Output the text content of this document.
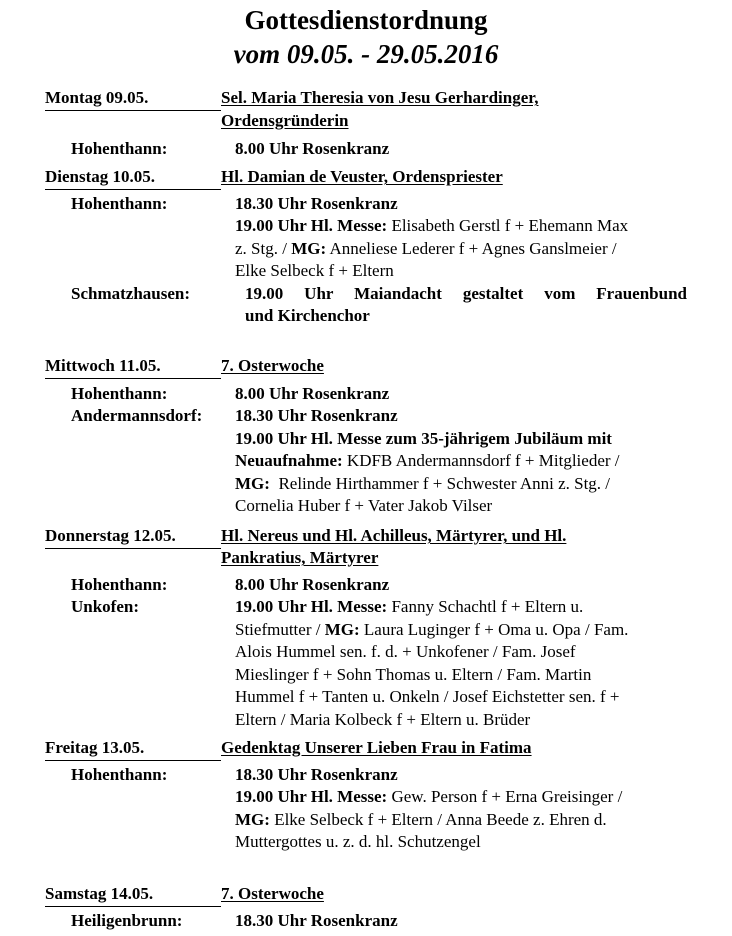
Gottesdienstordnung
vom 09.05. - 29.05.2016
Montag 09.05.	Sel. Maria Theresia von Jesu Gerhardinger,
Ordensgründerin
Hohenthann:	8.00 Uhr Rosenkranz
Dienstag 10.05.	Hl. Damian de Veuster, Ordenspriester
Hohenthann:	18.30 Uhr Rosenkranz
19.00 Uhr Hl. Messe: Elisabeth Gerstl f + Ehemann Max
z. Stg. / MG: Anneliese Lederer f + Agnes Ganslmeier /
Elke Selbeck f + Eltern
Schmatzhausen:	19.00 Uhr Maiandacht gestaltet vom Frauenbund
und Kirchenchor
Mittwoch 11.05.	7. Osterwoche
Hohenthann:	8.00 Uhr Rosenkranz
Andermannsdorf: 18.30 Uhr Rosenkranz
19.00 Uhr Hl. Messe zum 35-jährigem Jubiläum mit
Neuaufnahme: KDFB Andermannsdorf f + Mitglieder /
MG:  Relinde Hirthammer f + Schwester Anni z. Stg. /
Cornelia Huber f + Vater Jakob Vilser
Donnerstag 12.05.	Hl. Nereus und Hl. Achilleus, Märtyrer, und Hl.
Pankratius, Märtyrer
Hohenthann:	8.00 Uhr Rosenkranz
Unkofen:	19.00 Uhr Hl. Messe: Fanny Schachtl f + Eltern u.
Stiefmutter / MG: Laura Luginger f + Oma u. Opa / Fam.
Alois Hummel sen. f. d. + Unkofener / Fam. Josef
Mieslinger f + Sohn Thomas u. Eltern / Fam. Martin
Hummel f + Tanten u. Onkeln / Josef Eichstetter sen. f +
Eltern / Maria Kolbeck f + Eltern u. Brüder
Freitag 13.05.	Gedenktag Unserer Lieben Frau in Fatima
Hohenthann:	18.30 Uhr Rosenkranz
19.00 Uhr Hl. Messe: Gew. Person f + Erna Greisinger /
MG: Elke Selbeck f + Eltern / Anna Beede z. Ehren d.
Muttergottes u. z. d. hl. Schutzengel
Samstag 14.05.	7. Osterwoche
Heiligenbrunn:	18.30 Uhr Rosenkranz
